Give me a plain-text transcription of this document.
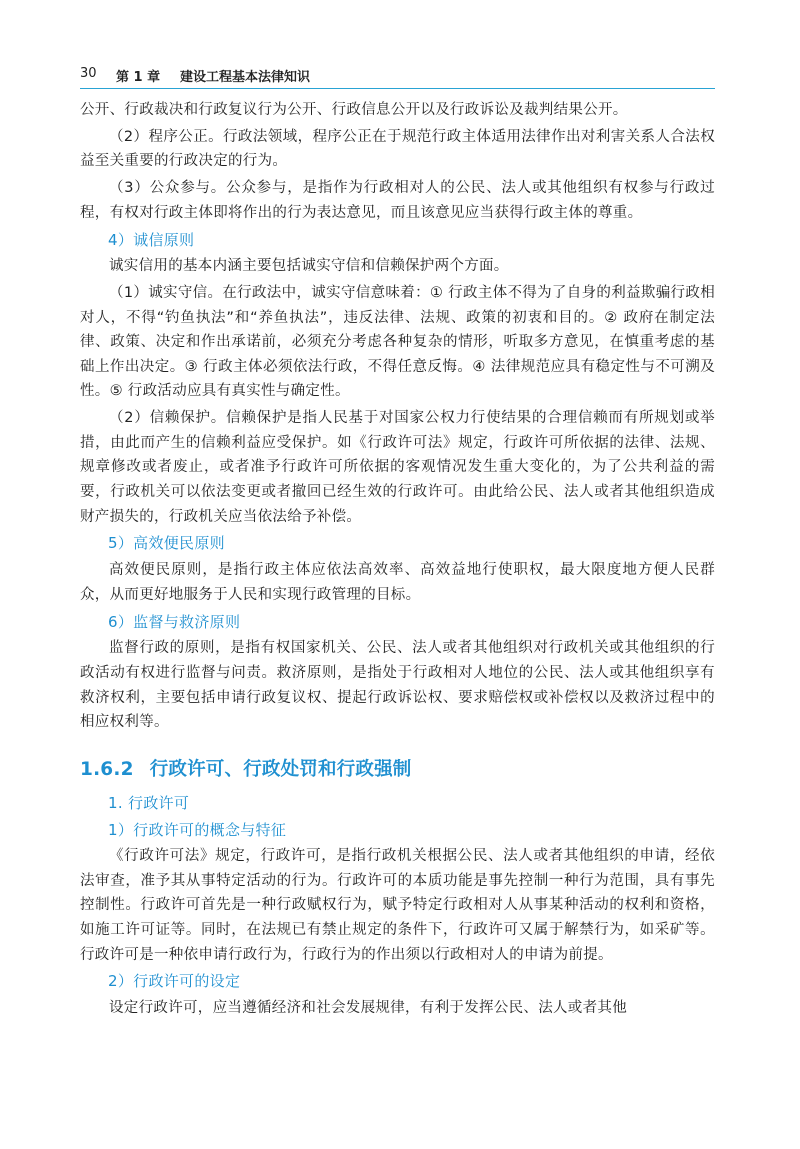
30 第 1 章 建设工程基本法律知识

公开、行政裁决和行政复议行为公开、行政信息公开以及行政诉讼及裁判结果公开。

（2）程序公正。行政法领域，程序公正在于规范行政主体适用法律作出对利害关系人合法权益至关重要的行政决定的行为。

（3）公众参与。公众参与，是指作为行政相对人的公民、法人或其他组织有权参与行政过程，有权对行政主体即将作出的行为表达意见，而且该意见应当获得行政主体的尊重。

4）诚信原则

诚实信用的基本内涵主要包括诚实守信和信赖保护两个方面。

（1）诚实守信。在行政法中，诚实守信意味着：① 行政主体不得为了自身的利益欺骗行政相对人，不得“钓鱼执法”和“养鱼执法”，违反法律、法规、政策的初衷和目的。② 政府在制定法律、政策、决定和作出承诺前，必须充分考虑各种复杂的情形，听取多方意见，在慎重考虑的基础上作出决定。③ 行政主体必须依法行政，不得任意反悔。④ 法律规范应具有稳定性与不可溯及性。⑤ 行政活动应具有真实性与确定性。

（2）信赖保护。信赖保护是指人民基于对国家公权力行使结果的合理信赖而有所规划或举措，由此而产生的信赖利益应受保护。如《行政许可法》规定，行政许可所依据的法律、法规、规章修改或者废止，或者准予行政许可所依据的客观情况发生重大变化的，为了公共利益的需要，行政机关可以依法变更或者撤回已经生效的行政许可。由此给公民、法人或者其他组织造成财产损失的，行政机关应当依法给予补偿。

5）高效便民原则

高效便民原则，是指行政主体应依法高效率、高效益地行使职权，最大限度地方便人民群众，从而更好地服务于人民和实现行政管理的目标。

6）监督与救济原则

监督行政的原则，是指有权国家机关、公民、法人或者其他组织对行政机关或其他组织的行政活动有权进行监督与问责。救济原则，是指处于行政相对人地位的公民、法人或其他组织享有救济权利，主要包括申请行政复议权、提起行政诉讼权、要求赔偿权或补偿权以及救济过程中的相应权利等。

1.6.2 行政许可、行政处罚和行政强制

1. 行政许可

1）行政许可的概念与特征

《行政许可法》规定，行政许可，是指行政机关根据公民、法人或者其他组织的申请，经依法审查，准予其从事特定活动的行为。行政许可的本质功能是事先控制一种行为范围，具有事先控制性。行政许可首先是一种行政赋权行为，赋予特定行政相对人从事某种活动的权利和资格，如施工许可证等。同时，在法规已有禁止规定的条件下，行政许可又属于解禁行为，如采矿等。行政许可是一种依申请行政行为，行政行为的作出须以行政相对人的申请为前提。

2）行政许可的设定

设定行政许可，应当遵循经济和社会发展规律，有利于发挥公民、法人或者其他
